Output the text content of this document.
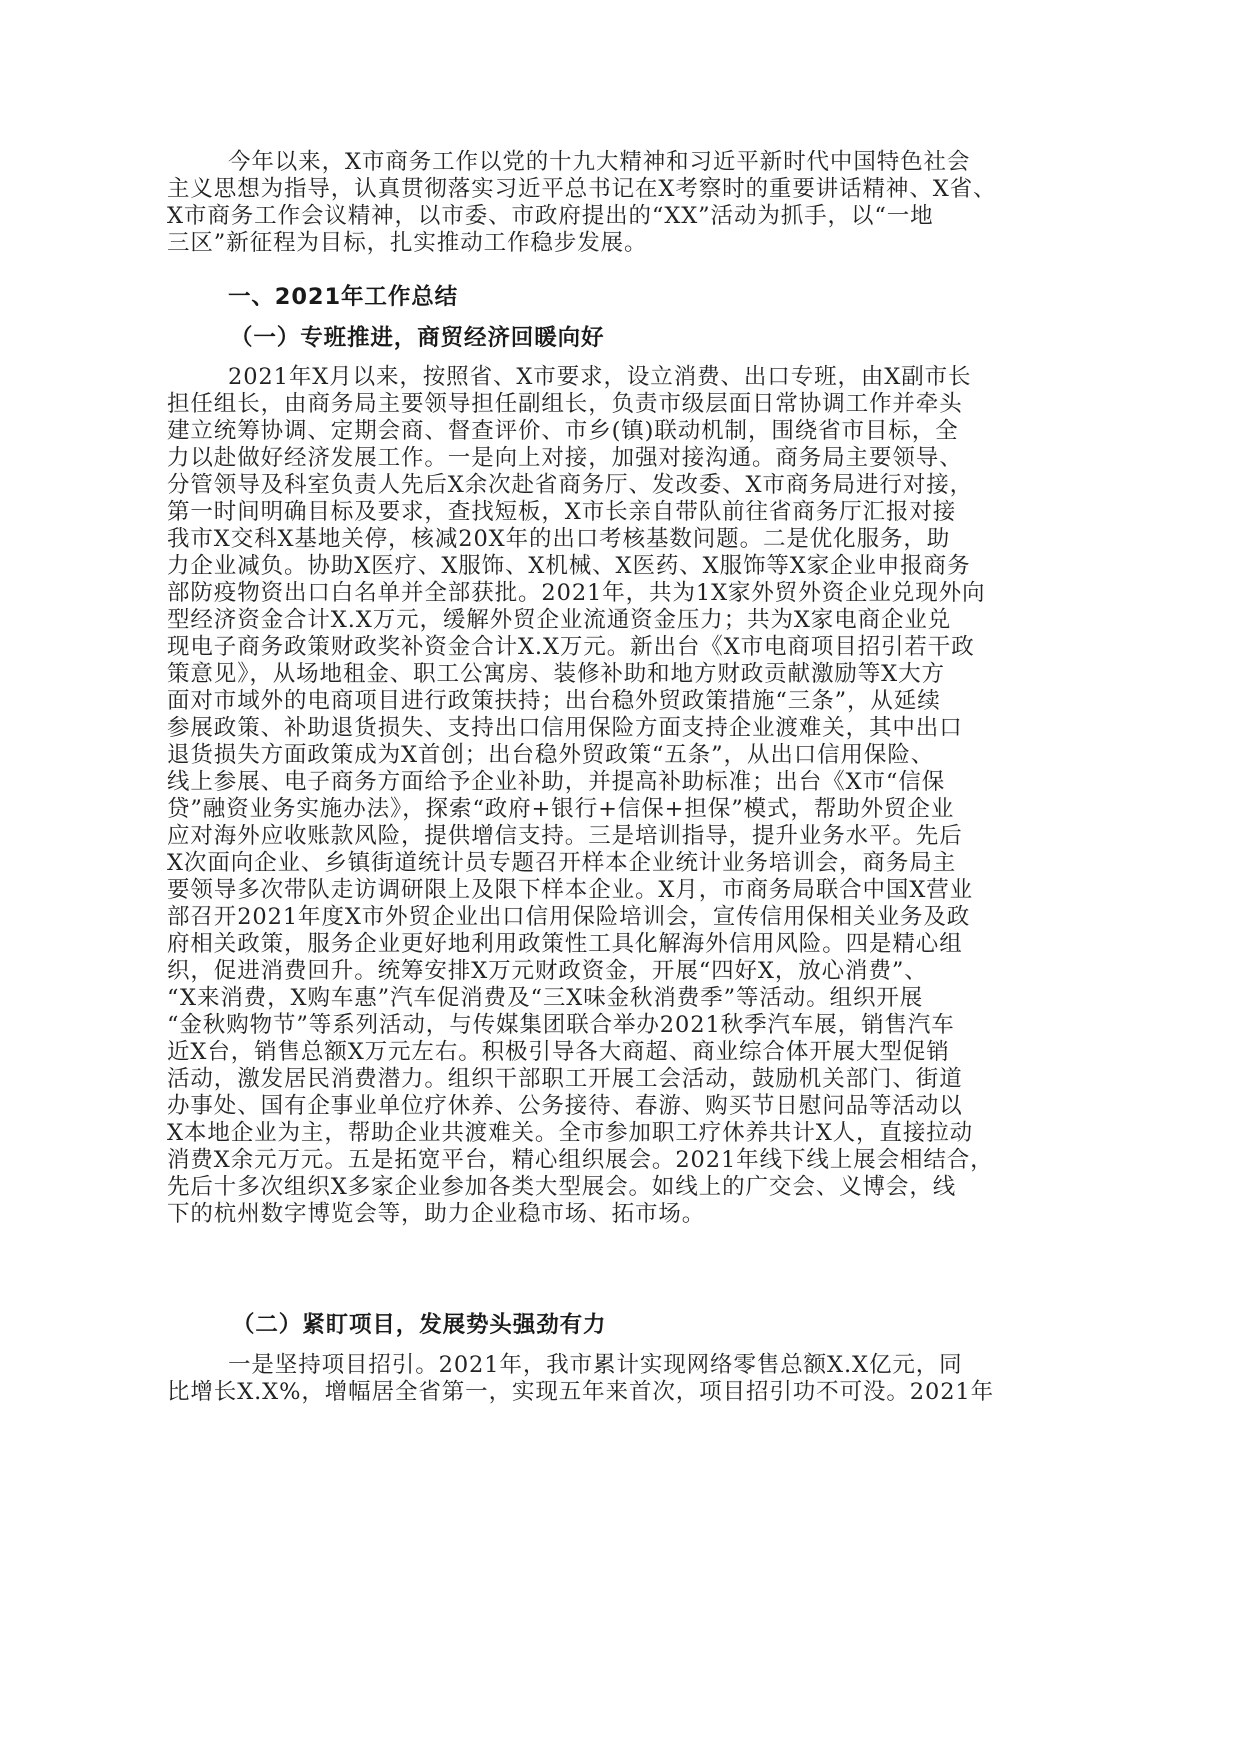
今年以来，X市商务工作以党的十九大精神和习近平新时代中国特色社会
主义思想为指导，认真贯彻落实习近平总书记在X考察时的重要讲话精神、X省、
X市商务工作会议精神，以市委、市政府提出的“XX”活动为抓手，以“一地
三区”新征程为目标，扎实推动工作稳步发展。
一、2021年工作总结
（一）专班推进，商贸经济回暖向好
2021年X月以来，按照省、X市要求，设立消费、出口专班，由X副市长
担任组长，由商务局主要领导担任副组长，负责市级层面日常协调工作并牵头
建立统筹协调、定期会商、督查评价、市乡(镇)联动机制，围绕省市目标，全
力以赴做好经济发展工作。一是向上对接，加强对接沟通。商务局主要领导、
分管领导及科室负责人先后X余次赴省商务厅、发改委、X市商务局进行对接，
第一时间明确目标及要求，查找短板，X市长亲自带队前往省商务厅汇报对接
我市X交科X基地关停，核减20X年的出口考核基数问题。二是优化服务，助
力企业减负。协助X医疗、X服饰、X机械、X医药、X服饰等X家企业申报商务
部防疫物资出口白名单并全部获批。2021年，共为1X家外贸外资企业兑现外向
型经济资金合计X.X万元，缓解外贸企业流通资金压力；共为X家电商企业兑
现电子商务政策财政奖补资金合计X.X万元。新出台《X市电商项目招引若干政
策意见》，从场地租金、职工公寓房、装修补助和地方财政贡献激励等X大方
面对市域外的电商项目进行政策扶持；出台稳外贸政策措施“三条”，从延续
参展政策、补助退货损失、支持出口信用保险方面支持企业渡难关，其中出口
退货损失方面政策成为X首创；出台稳外贸政策“五条”，从出口信用保险、
线上参展、电子商务方面给予企业补助，并提高补助标准；出台《X市“信保
贷”融资业务实施办法》，探索“政府+银行+信保+担保”模式，帮助外贸企业
应对海外应收账款风险，提供增信支持。三是培训指导，提升业务水平。先后
X次面向企业、乡镇街道统计员专题召开样本企业统计业务培训会，商务局主
要领导多次带队走访调研限上及限下样本企业。X月，市商务局联合中国X营业
部召开2021年度X市外贸企业出口信用保险培训会，宣传信用保相关业务及政
府相关政策，服务企业更好地利用政策性工具化解海外信用风险。四是精心组
织，促进消费回升。统筹安排X万元财政资金，开展“四好X，放心消费”、
“X来消费，X购车惠”汽车促消费及“三X味金秋消费季”等活动。组织开展
“金秋购物节”等系列活动，与传媒集团联合举办2021秋季汽车展，销售汽车
近X台，销售总额X万元左右。积极引导各大商超、商业综合体开展大型促销
活动，激发居民消费潜力。组织干部职工开展工会活动，鼓励机关部门、街道
办事处、国有企事业单位疗休养、公务接待、春游、购买节日慰问品等活动以
X本地企业为主，帮助企业共渡难关。全市参加职工疗休养共计X人，直接拉动
消费X余元万元。五是拓宽平台，精心组织展会。2021年线下线上展会相结合，
先后十多次组织X多家企业参加各类大型展会。如线上的广交会、义博会，线
下的杭州数字博览会等，助力企业稳市场、拓市场。
（二）紧盯项目，发展势头强劲有力
一是坚持项目招引。2021年，我市累计实现网络零售总额X.X亿元，同
比增长X.X%，增幅居全省第一，实现五年来首次，项目招引功不可没。2021年
